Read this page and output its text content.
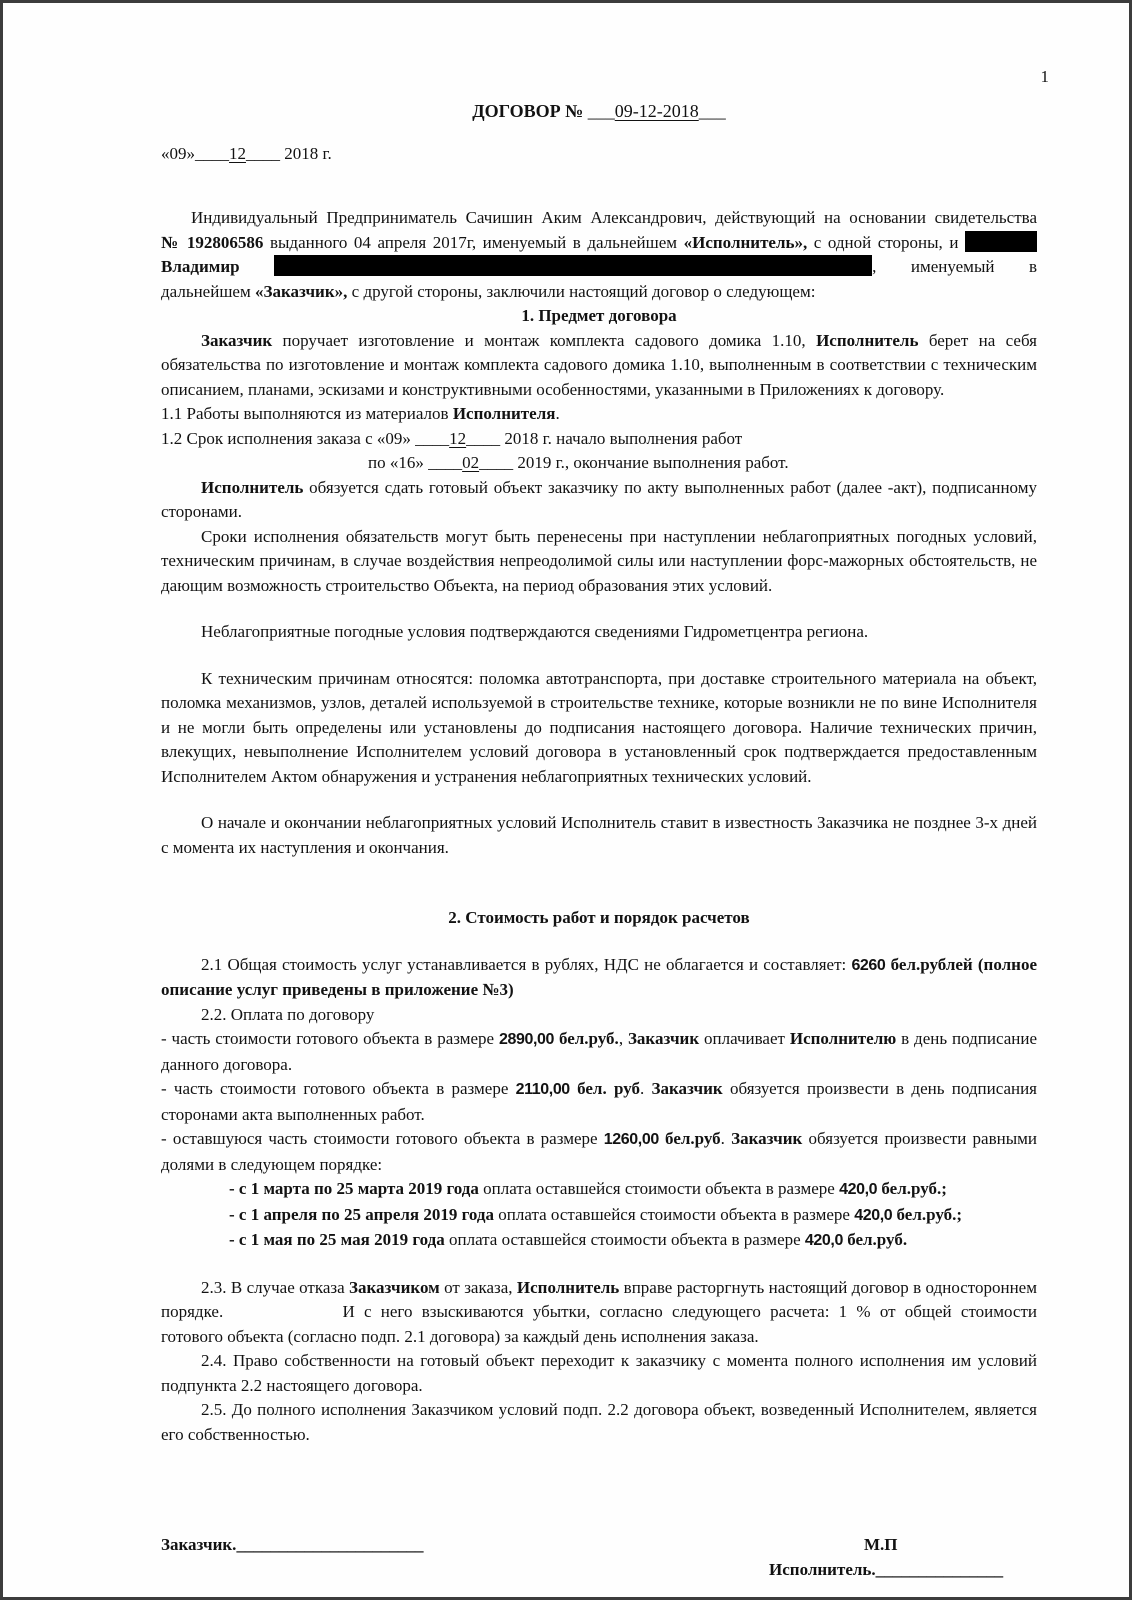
1
ДОГОВОР № ___09-12-2018___
«09»____12____ 2018 г.
Индивидуальный Предприниматель Сачишин Аким Александрович, действующий на основании свидетельства
№ 192806586 выданного 04 апреля 2017г, именуемый в дальнейшем «Исполнитель», с одной стороны, и
Владимир	, именуемый в
дальнейшем «Заказчик», с другой стороны, заключили настоящий договор о следующем:
1. Предмет договора
Заказчик поручает изготовление и монтаж комплекта садового домика 1.10, Исполнитель берет на себя обязательства по изготовление и монтаж комплекта садового домика 1.10, выполненным в соответствии с техническим описанием, планами, эскизами и конструктивными особенностями, указанными в Приложениях к договору.
1.1 Работы выполняются из материалов Исполнителя.
1.2 Срок исполнения заказа с «09» ____12____ 2018 г. начало выполнения работ
по «16» ____02____ 2019 г., окончание выполнения работ.
Исполнитель обязуется сдать готовый объект заказчику по акту выполненных работ (далее -акт), подписанному сторонами.
Сроки исполнения обязательств могут быть перенесены при наступлении неблагоприятных погодных условий, техническим причинам, в случае воздействия непреодолимой силы или наступлении форс-мажорных обстоятельств, не дающим возможность строительство Объекта, на период образования этих условий.
Неблагоприятные погодные условия подтверждаются сведениями Гидрометцентра региона.
К техническим причинам относятся: поломка автотранспорта, при доставке строительного материала на объект, поломка механизмов, узлов, деталей используемой в строительстве технике, которые возникли не по вине Исполнителя и не могли быть определены или установлены до подписания настоящего договора. Наличие технических причин, влекущих, невыполнение Исполнителем условий договора в установленный срок подтверждается предоставленным Исполнителем Актом обнаружения и устранения неблагоприятных технических условий.
О начале и окончании неблагоприятных условий Исполнитель ставит в известность Заказчика не позднее 3-х дней с момента их наступления и окончания.
2. Стоимость работ и порядок расчетов
2.1 Общая стоимость услуг устанавливается в рублях, НДС не облагается и составляет: 6260 бел.рублей (полное описание услуг приведены в приложение №3)
2.2. Оплата по договору
- часть стоимости готового объекта в размере 2890,00 бел.руб., Заказчик оплачивает Исполнителю в день подписание данного договора.
- часть стоимости готового объекта в размере 2110,00 бел. руб. Заказчик обязуется произвести в день подписания сторонами акта выполненных работ.
- оставшуюся часть стоимости готового объекта в размере 1260,00 бел.руб. Заказчик обязуется произвести равными долями в следующем порядке:
- с 1 марта по 25 марта 2019 года оплата оставшейся стоимости объекта в размере 420,0 бел.руб.;
- с 1 апреля по 25 апреля 2019 года оплата оставшейся стоимости объекта в размере 420,0 бел.руб.;
- с 1 мая по 25 мая 2019 года оплата оставшейся стоимости объекта в размере 420,0 бел.руб.
2.3. В случае отказа Заказчиком от заказа, Исполнитель вправе расторгнуть настоящий договор в одностороннем порядке.	И с него взыскиваются убытки, согласно следующего расчета: 1 % от общей стоимости готового объекта (согласно подп. 2.1 договора) за каждый день исполнения заказа.
2.4. Право собственности на готовый объект переходит к заказчику с момента полного исполнения им условий подпункта 2.2 настоящего договора.
2.5. До полного исполнения Заказчиком условий подп. 2.2 договора объект, возведенный Исполнителем, является его собственностью.
Заказчик.______________________	М.П
Исполнитель._______________
